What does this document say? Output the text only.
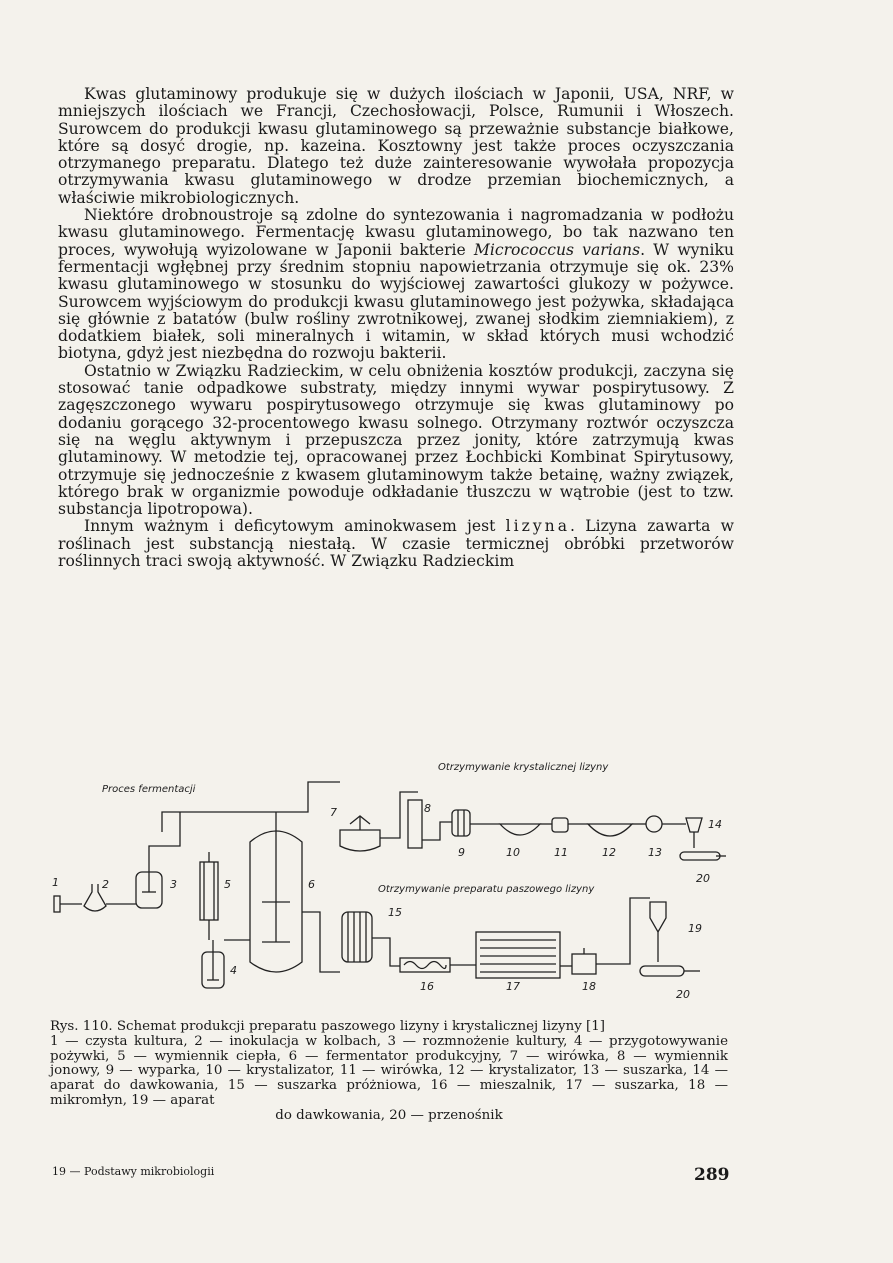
Kwas glutaminowy produkuje się w dużych ilościach w Japonii, USA, NRF, w mniejszych ilościach we Francji, Czechosłowacji, Polsce, Rumunii i Włoszech. Surowcem do produkcji kwasu glutaminowego są przeważnie substancje białkowe, które są dosyć drogie, np. kazeina. Kosztowny jest także proces oczyszczania otrzymanego preparatu. Dlatego też duże zainteresowanie wywołała propozycja otrzymywania kwasu glutaminowego w drodze przemian biochemicznych, a właściwie mikrobiologicznych.

Niektóre drobnoustroje są zdolne do syntezowania i nagromadzania w podłożu kwasu glutaminowego. Fermentację kwasu glutaminowego, bo tak nazwano ten proces, wywołują wyizolowane w Japonii bakterie Micrococcus varians. W wyniku fermentacji wgłębnej przy średnim stopniu napowietrzania otrzymuje się ok. 23% kwasu glutaminowego w stosunku do wyjściowej zawartości glukozy w pożywce. Surowcem wyjściowym do produkcji kwasu glutaminowego jest pożywka, składająca się głównie z batatów (bulw rośliny zwrotnikowej, zwanej słodkim ziemniakiem), z dodatkiem białek, soli mineralnych i witamin, w skład których musi wchodzić biotyna, gdyż jest niezbędna do rozwoju bakterii.

Ostatnio w Związku Radzieckim, w celu obniżenia kosztów produkcji, zaczyna się stosować tanie odpadkowe substraty, między innymi wywar pospirytusowy. Z zagęszczonego wywaru pospirytusowego otrzymuje się kwas glutaminowy po dodaniu gorącego 32-procentowego kwasu solnego. Otrzymany roztwór oczyszcza się na węglu aktywnym i przepuszcza przez jonity, które zatrzymują kwas glutaminowy. W metodzie tej, opracowanej przez Łochbicki Kombinat Spirytusowy, otrzymuje się jednocześnie z kwasem glutaminowym także betainę, ważny związek, którego brak w organizmie powoduje odkładanie tłuszczu w wątrobie (jest to tzw. substancja lipotropowa).

Innym ważnym i deficytowym aminokwasem jest lizyna. Lizyna zawarta w roślinach jest substancją niestałą. W czasie termicznej obróbki przetworów roślinnych traci swoją aktywność. W Związku Radzieckim

Proces fermentacji
Otrzymywanie krystalicznej lizyny
Otrzymywanie preparatu paszowego lizyny
1	2	3
4
5	6
7	8
9	10	11	12	13
14
15
16	17	18
19
20
20
Rys. 110. Schemat produkcji preparatu paszowego lizyny i krystalicznej lizyny [1]
1 — czysta kultura, 2 — inokulacja w kolbach, 3 — rozmnożenie kultury, 4 — przygotowywanie pożywki, 5 — wymiennik ciepła, 6 — fermentator produkcyjny, 7 — wirówka, 8 — wymiennik jonowy, 9 — wyparka, 10 — krystalizator, 11 — wirówka, 12 — krystalizator, 13 — suszarka, 14 — aparat do dawkowania, 15 — suszarka próżniowa, 16 — mieszalnik, 17 — suszarka, 18 — mikromłyn, 19 — aparat
do dawkowania, 20 — przenośnik
19 — Podstawy mikrobiologii	289
